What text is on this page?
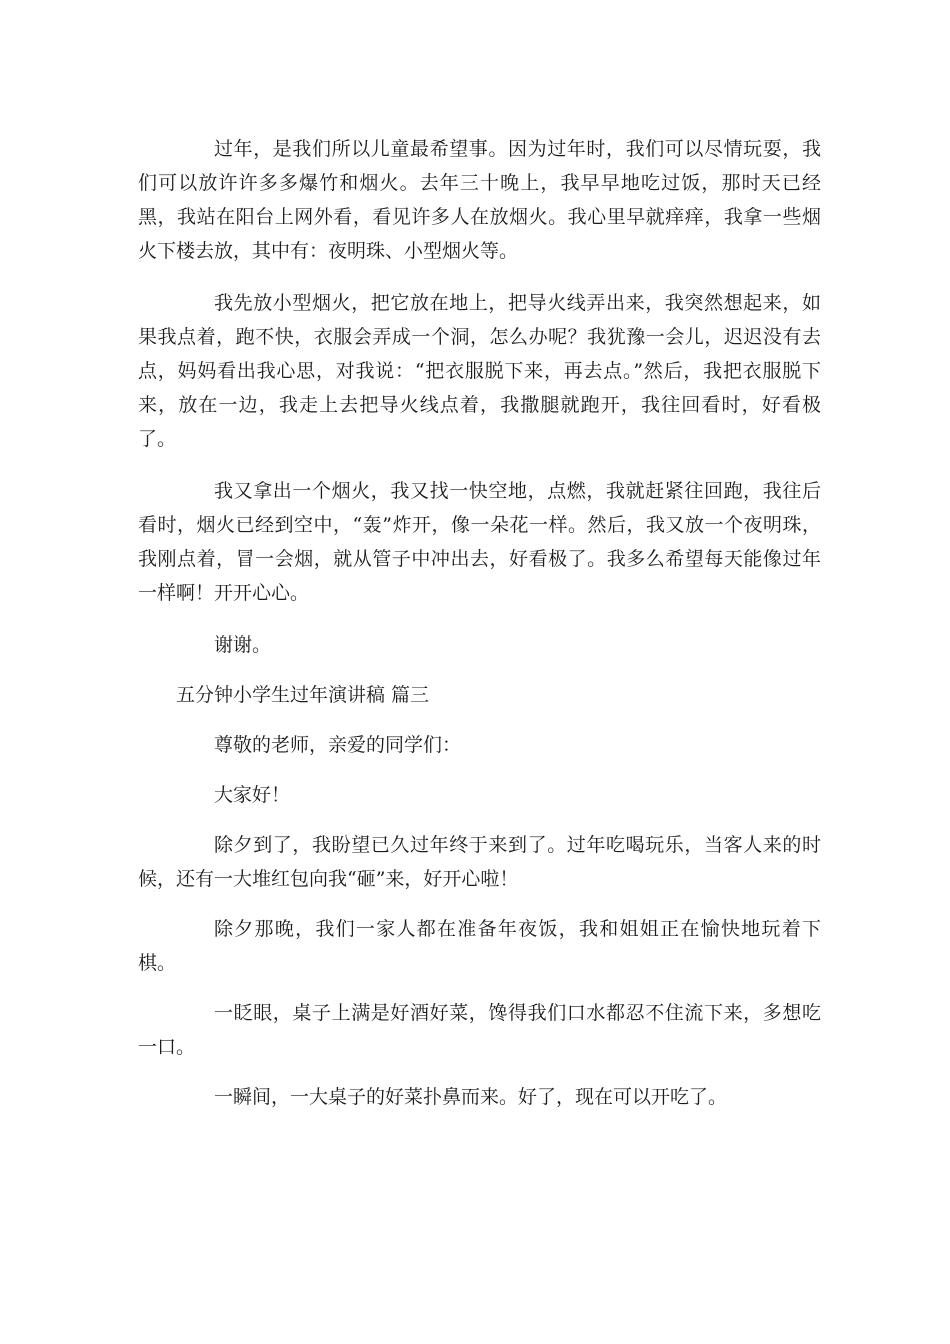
过年，是我们所以儿童最希望事。因为过年时，我们可以尽情玩耍，我们可以放许许多多爆竹和烟火。去年三十晚上，我早早地吃过饭，那时天已经黑，我站在阳台上网外看，看见许多人在放烟火。我心里早就痒痒，我拿一些烟火下楼去放，其中有：夜明珠、小型烟火等。

我先放小型烟火，把它放在地上，把导火线弄出来，我突然想起来，如果我点着，跑不快，衣服会弄成一个洞，怎么办呢？我犹豫一会儿，迟迟没有去点，妈妈看出我心思，对我说：“把衣服脱下来，再去点。”然后，我把衣服脱下来，放在一边，我走上去把导火线点着，我撒腿就跑开，我往回看时，好看极了。

我又拿出一个烟火，我又找一快空地，点燃，我就赶紧往回跑，我往后看时，烟火已经到空中，“轰”炸开，像一朵花一样。然后，我又放一个夜明珠，我刚点着，冒一会烟，就从管子中冲出去，好看极了。我多么希望每天能像过年一样啊！开开心心。

谢谢。

五分钟小学生过年演讲稿 篇三

尊敬的老师，亲爱的同学们：

大家好！

除夕到了，我盼望已久过年终于来到了。过年吃喝玩乐，当客人来的时候，还有一大堆红包向我“砸”来，好开心啦！

除夕那晚，我们一家人都在准备年夜饭，我和姐姐正在愉快地玩着下棋。

一眨眼，桌子上满是好酒好菜，馋得我们口水都忍不住流下来，多想吃一口。

一瞬间，一大桌子的好菜扑鼻而来。好了，现在可以开吃了。
